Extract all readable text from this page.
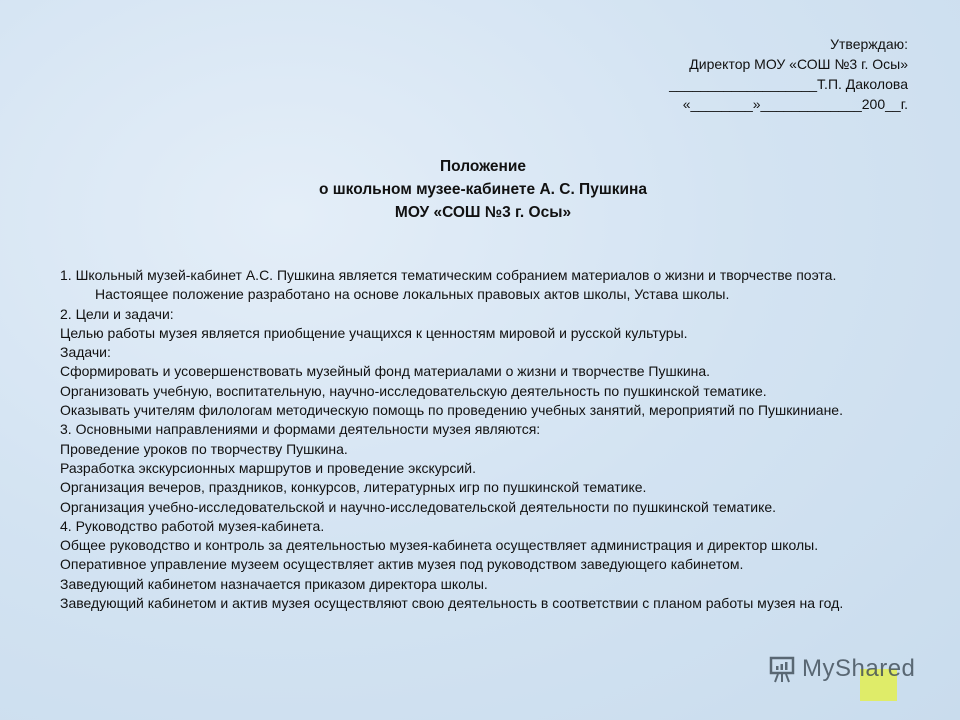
Утверждаю:
Директор МОУ «СОШ №3 г. Осы»
___________________Т.П. Даколова
«________»_____________200__г.
Положение
о школьном музее-кабинете А. С. Пушкина
МОУ «СОШ №3 г. Осы»

1. Школьный музей-кабинет А.С. Пушкина является тематическим собранием материалов о жизни и творчестве поэта. Настоящее положение разработано на основе локальных правовых актов школы, Устава школы.

2. Цели и задачи:

Целью работы музея является приобщение учащихся к ценностям мировой и русской культуры.

Задачи:

Сформировать и усовершенствовать музейный фонд материалами о жизни и творчестве Пушкина.

Организовать учебную, воспитательную, научно-исследовательскую деятельность по пушкинской тематике.

Оказывать учителям филологам методическую помощь по проведению учебных занятий, мероприятий по Пушкиниане.

3. Основными направлениями и формами деятельности музея являются:

Проведение уроков по творчеству Пушкина.

Разработка экскурсионных маршрутов и проведение экскурсий.

Организация вечеров, праздников, конкурсов, литературных игр по пушкинской тематике.

Организация учебно-исследовательской и научно-исследовательской деятельности по пушкинской тематике.

4. Руководство работой музея-кабинета.

Общее руководство и контроль за деятельностью музея-кабинета осуществляет администрация и директор школы.

Оперативное управление музеем осуществляет актив музея под руководством заведующего кабинетом.

Заведующий кабинетом назначается приказом директора школы.

Заведующий кабинетом и актив музея осуществляют свою деятельность в соответствии с планом работы музея на год.

MyShared
